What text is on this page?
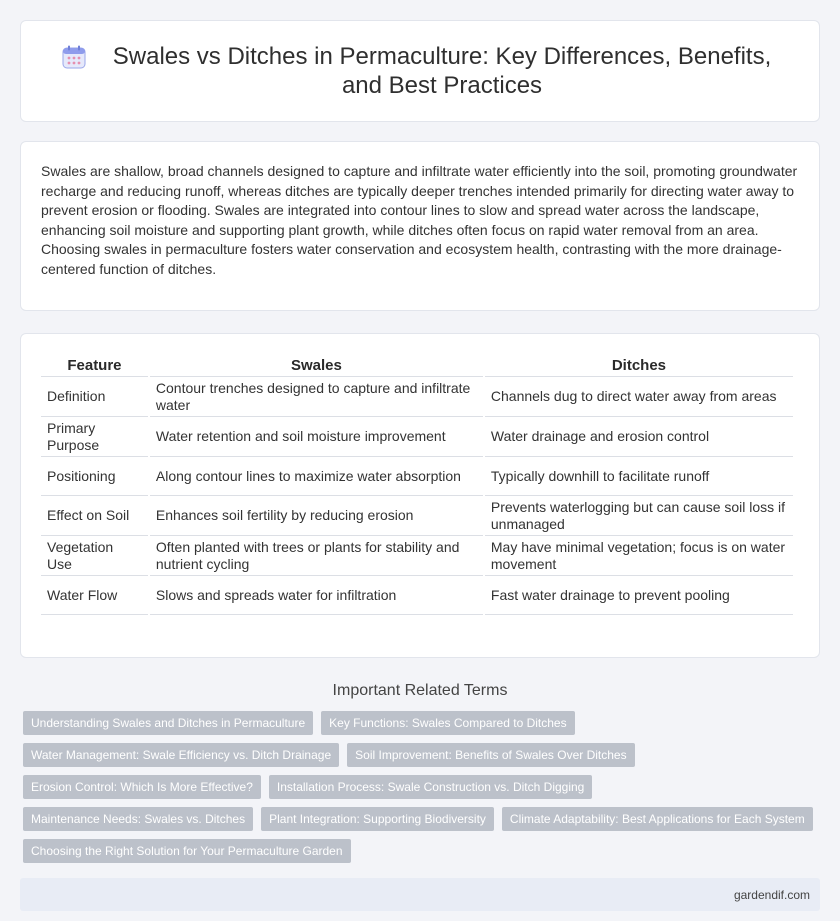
Swales vs Ditches in Permaculture: Key Differences, Benefits, and Best Practices

Swales are shallow, broad channels designed to capture and infiltrate water efficiently into the soil, promoting groundwater recharge and reducing runoff, whereas ditches are typically deeper trenches intended primarily for directing water away to prevent erosion or flooding. Swales are integrated into contour lines to slow and spread water across the landscape, enhancing soil moisture and supporting plant growth, while ditches often focus on rapid water removal from an area. Choosing swales in permaculture fosters water conservation and ecosystem health, contrasting with the more drainage-centered function of ditches.

Feature	Swales	Ditches
Definition	Contour trenches designed to capture and infiltrate water	Channels dug to direct water away from areas
Primary Purpose	Water retention and soil moisture improvement	Water drainage and erosion control
Positioning	Along contour lines to maximize water absorption	Typically downhill to facilitate runoff
Effect on Soil	Enhances soil fertility by reducing erosion	Prevents waterlogging but can cause soil loss if unmanaged
Vegetation Use	Often planted with trees or plants for stability and nutrient cycling	May have minimal vegetation; focus is on water movement
Water Flow	Slows and spreads water for infiltration	Fast water drainage to prevent pooling
Important Related Terms
Understanding Swales and Ditches in Permaculture	Key Functions: Swales Compared to Ditches
Water Management: Swale Efficiency vs. Ditch Drainage	Soil Improvement: Benefits of Swales Over Ditches
Erosion Control: Which Is More Effective?	Installation Process: Swale Construction vs. Ditch Digging
Maintenance Needs: Swales vs. Ditches	Plant Integration: Supporting Biodiversity	Climate Adaptability: Best Applications for Each System
Choosing the Right Solution for Your Permaculture Garden
gardendif.com
